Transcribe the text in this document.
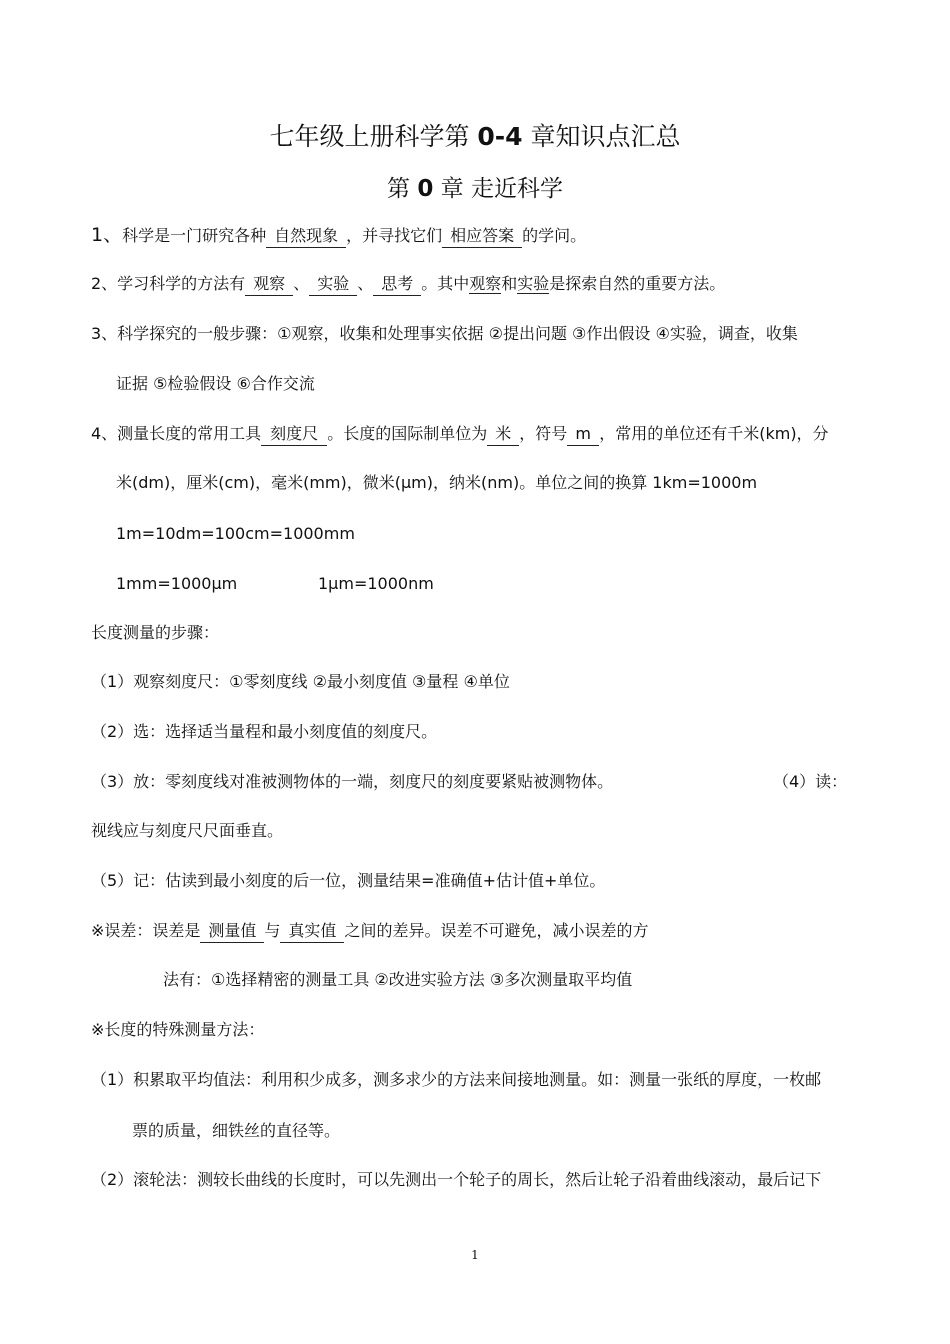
七年级上册科学第 0-4 章知识点汇总
第 0 章 走近科学
1、科学是一门研究各种 自然现象 ，并寻找它们 相应答案 的学问。
2、学习科学的方法有 观察 、 实验 、 思考 。其中观察和实验是探索自然的重要方法。
3、科学探究的一般步骤：①观察，收集和处理事实依据 ②提出问题 ③作出假设 ④实验，调查，收集
证据 ⑤检验假设 ⑥合作交流
4、测量长度的常用工具 刻度尺 。长度的国际制单位为 米 ，符号 m ，常用的单位还有千米(km)，分
米(dm)，厘米(cm)，毫米(mm)，微米(μm)，纳米(nm)。单位之间的换算 1km=1000m
1m=10dm=100cm=1000mm
1mm=1000μm	1μm=1000nm
长度测量的步骤：
（1）观察刻度尺：①零刻度线 ②最小刻度值 ③量程 ④单位
（2）选：选择适当量程和最小刻度值的刻度尺。
（3）放：零刻度线对准被测物体的一端，刻度尺的刻度要紧贴被测物体。	（4）读：
视线应与刻度尺尺面垂直。
（5）记：估读到最小刻度的后一位，测量结果=准确值+估计值+单位。
※误差：误差是 测量值 与 真实值 之间的差异。误差不可避免，减小误差的方
法有：①选择精密的测量工具 ②改进实验方法 ③多次测量取平均值
※长度的特殊测量方法：
（1）积累取平均值法：利用积少成多，测多求少的方法来间接地测量。如：测量一张纸的厚度，一枚邮
票的质量，细铁丝的直径等。
（2）滚轮法：测较长曲线的长度时，可以先测出一个轮子的周长，然后让轮子沿着曲线滚动，最后记下
1
